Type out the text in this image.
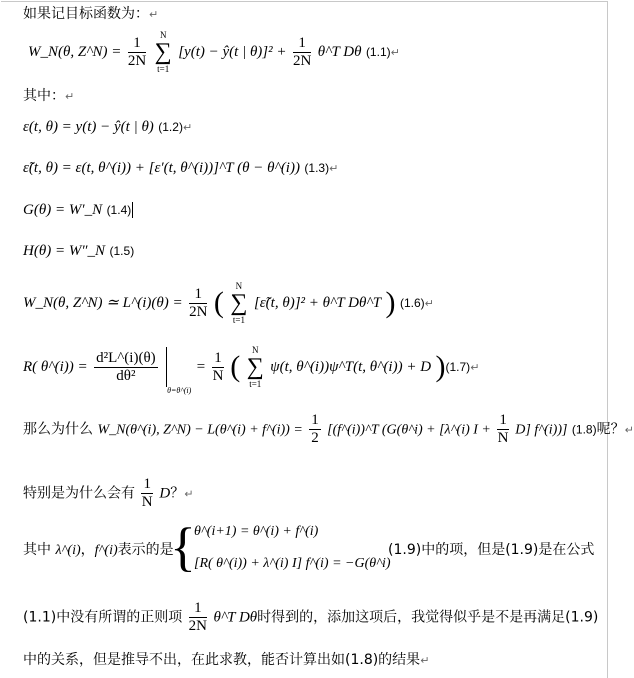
如果记目标函数为：↵
W_N(θ, Z^N) = $\frac{1}{2N}$ N
∑
t=1 [y(t) − ŷ(t | $\theta)]^2 + \frac{1}{2N}$ θ^T Dθ (1.1)↵
其中：↵
ε(t, θ) = y(t) − ŷ(t | θ) (1.2)↵
ε̃(t, θ) = ε(t, θ^(i)) + [ε′(t, θ^(i))]^T (θ − θ^(i)) (1.3)↵
G(θ) = W′_N (1.4)
H(θ) = W″_N (1.5)
W_N(θ, Z^N) ≃ L^(i)(θ) = $\frac{1}{2N}$ ( N
∑
t=1 [ε̃(t, θ)]² + θ^T Dθ^T ) (1.6)↵
R( θ^(i)) = $\frac{\text{d²L\textasciicircum{}(i)(θ)}}{\text{dθ²}}$
$_{\theta=\theta\^{}(i)} = \frac{1}{N}$ ( N
∑
t=1 ψ(t, θ^(i))ψ^T(t, θ^(i)) + D )(1.7)↵
那么为什么 W_N(θ^(i), Z^N) − L(θ^(i) + f^(i)) = $\frac{1}{2}$ [(f^(i))^T (G(θ^i) + [λ^(i) $I + \frac{1}{N} D$] f^(i))] (1.8)呢？↵
特别是为什么会有 $\frac{1}{N}$ D？↵
其中 λ^(i)，f^(i)表示的是
{
θ^(i+1) = θ^(i) + f^(i)
[R( θ^(i)) + λ^(i) I] f^(i) = −G(θ^i)
(1.9)中的项，但是(1.9)是在公式
(1.1)中没有所谓的正则项 $\frac{1}{2N}$ θ^T Dθ时得到的，添加这项后，我觉得似乎是不是再满足(1.9)
中的关系，但是推导不出，在此求教，能否计算出如(1.8)的结果↵
